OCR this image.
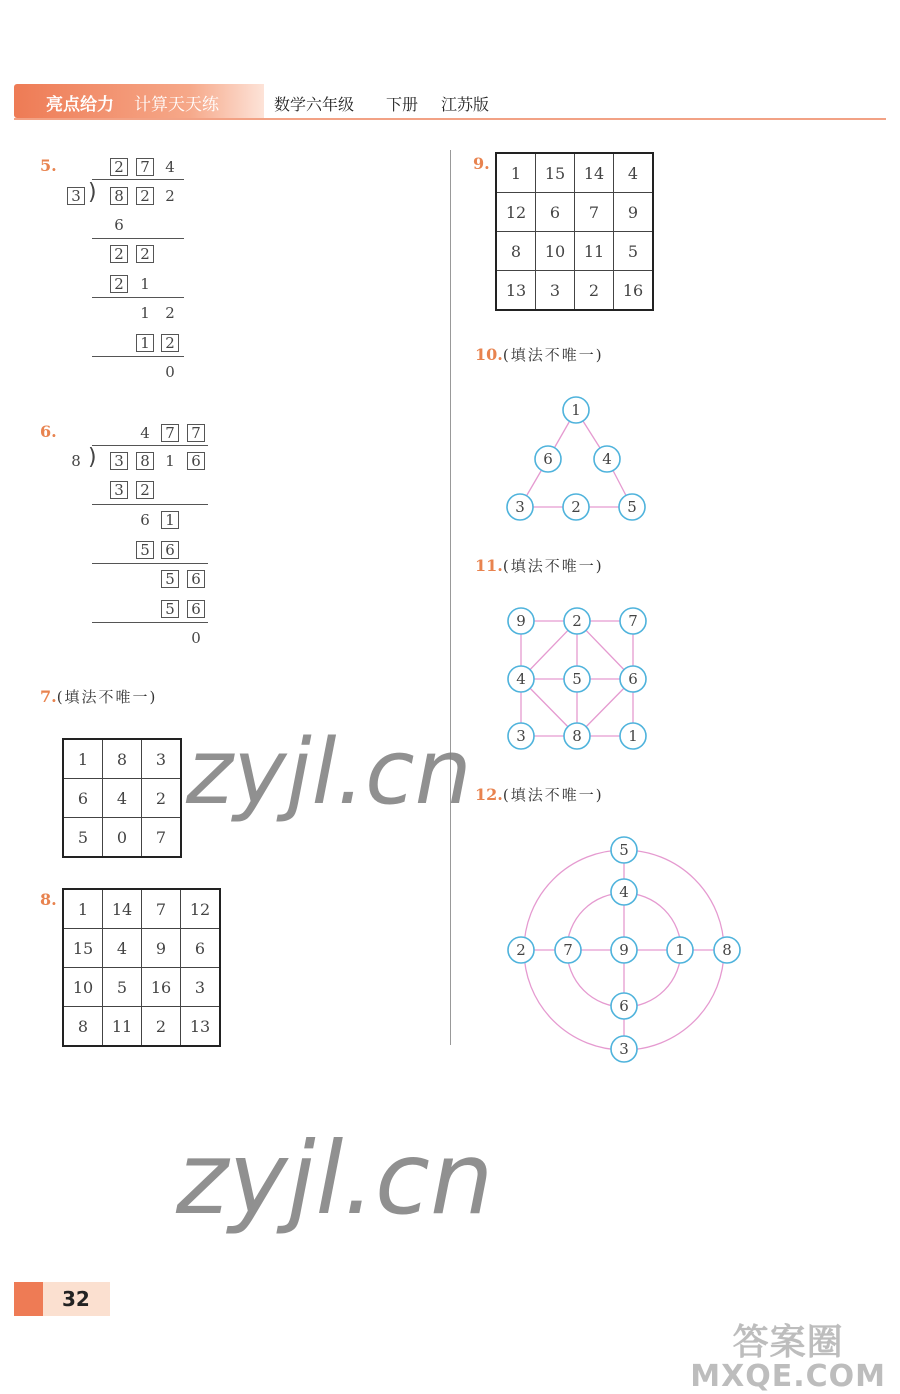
亮点给力 计算天天练	数学六年级 下册 江苏版
5.	2 7 4
3 ) 8 2 2
6
2 2
2 1
1 2
1 2
0
6.	4 7 7
8 ) 3 8 1 6
3 2
6 1
5 6
5 6
5 6
0
7.(填法不唯一)
1	8	3
6	4	2
5	0	7
8. 1	14	7	12
15	4	9	6
10	5	16	3
8	11	2	13
9. 1	15	14	4
12	6	7	9
8	10	11	5
13	3	2	16
10.(填法不唯一)
1
6	4
3	2	5
11.(填法不唯一)
9	2	7
4	5	6
3	8	1
12.(填法不唯一)
5
4
2 7	9	1 8
6
3
zyjl.cn
zyjl.cn
32
答案圈
MXQE.COM
